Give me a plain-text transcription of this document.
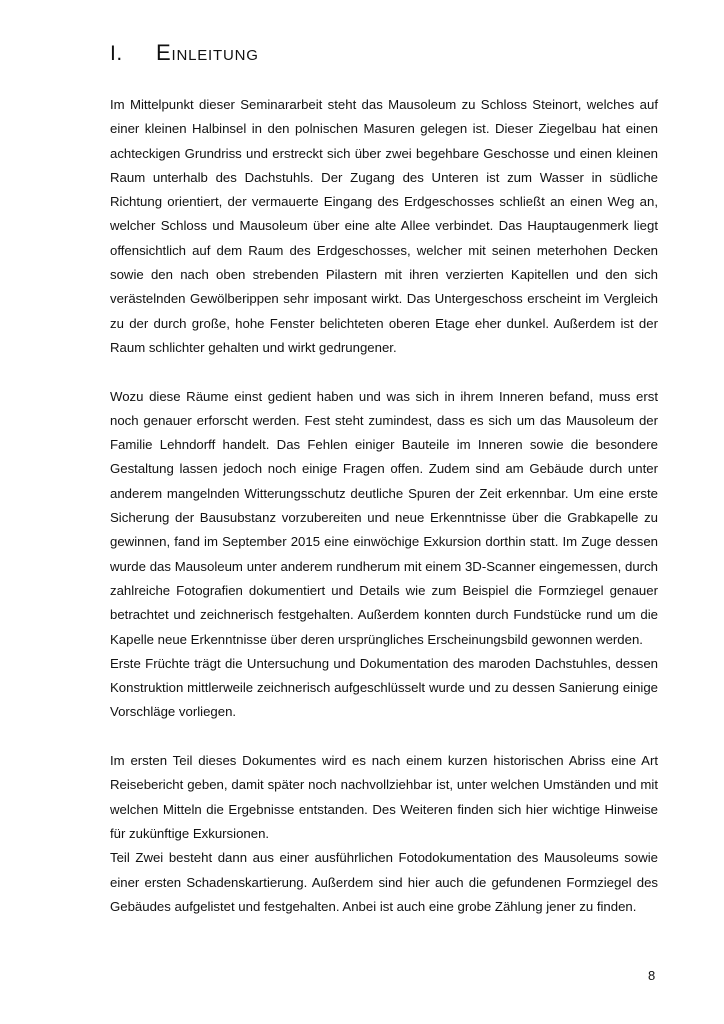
I.	Einleitung

Im Mittelpunkt dieser Seminararbeit steht das Mausoleum zu Schloss Steinort, welches auf einer kleinen Halbinsel in den polnischen Masuren gelegen ist. Dieser Ziegelbau hat einen achteckigen Grundriss und erstreckt sich über zwei begehbare Geschosse und einen kleinen Raum unterhalb des Dachstuhls. Der Zugang des Unteren ist zum Wasser in südliche Richtung orientiert, der vermauerte Eingang des Erdgeschosses schließt an einen Weg an, welcher Schloss und Mausoleum über eine alte Allee verbindet. Das Hauptaugenmerk liegt offensichtlich auf dem Raum des Erdgeschosses, welcher mit seinen meterhohen Decken sowie den nach oben strebenden Pilastern mit ihren verzierten Kapitellen und den sich verästelnden Gewölberippen sehr imposant wirkt. Das Untergeschoss erscheint im Vergleich zu der durch große, hohe Fenster belichteten oberen Etage eher dunkel. Außerdem ist der Raum schlichter gehalten und wirkt gedrungener.

Wozu diese Räume einst gedient haben und was sich in ihrem Inneren befand, muss erst noch genauer erforscht werden. Fest steht zumindest, dass es sich um das Mausoleum der Familie Lehndorff handelt. Das Fehlen einiger Bauteile im Inneren sowie die besondere Gestaltung lassen jedoch noch einige Fragen offen. Zudem sind am Gebäude durch unter anderem mangelnden Witterungsschutz deutliche Spuren der Zeit erkennbar. Um eine erste Sicherung der Bausubstanz vorzubereiten und neue Erkenntnisse über die Grabkapelle zu gewinnen, fand im September 2015 eine einwöchige Exkursion dorthin statt. Im Zuge dessen wurde das Mausoleum unter anderem rundherum mit einem 3D-Scanner eingemessen, durch zahlreiche Fotografien dokumentiert und Details wie zum Beispiel die Formziegel genauer betrachtet und zeichnerisch festgehalten. Außerdem konnten durch Fundstücke rund um die Kapelle neue Erkenntnisse über deren ursprüngliches Erscheinungsbild gewonnen werden.

Erste Früchte trägt die Untersuchung und Dokumentation des maroden Dachstuhles, dessen Konstruktion mittlerweile zeichnerisch aufgeschlüsselt wurde und zu dessen Sanierung einige Vorschläge vorliegen.

Im ersten Teil dieses Dokumentes wird es nach einem kurzen historischen Abriss eine Art Reisebericht geben, damit später noch nachvollziehbar ist, unter welchen Umständen und mit welchen Mitteln die Ergebnisse entstanden. Des Weiteren finden sich hier wichtige Hinweise für zukünftige Exkursionen.

Teil Zwei besteht dann aus einer ausführlichen Fotodokumentation des Mausoleums sowie einer ersten Schadenskartierung. Außerdem sind hier auch die gefundenen Formziegel des Gebäudes aufgelistet und festgehalten. Anbei ist auch eine grobe Zählung jener zu finden.

8
